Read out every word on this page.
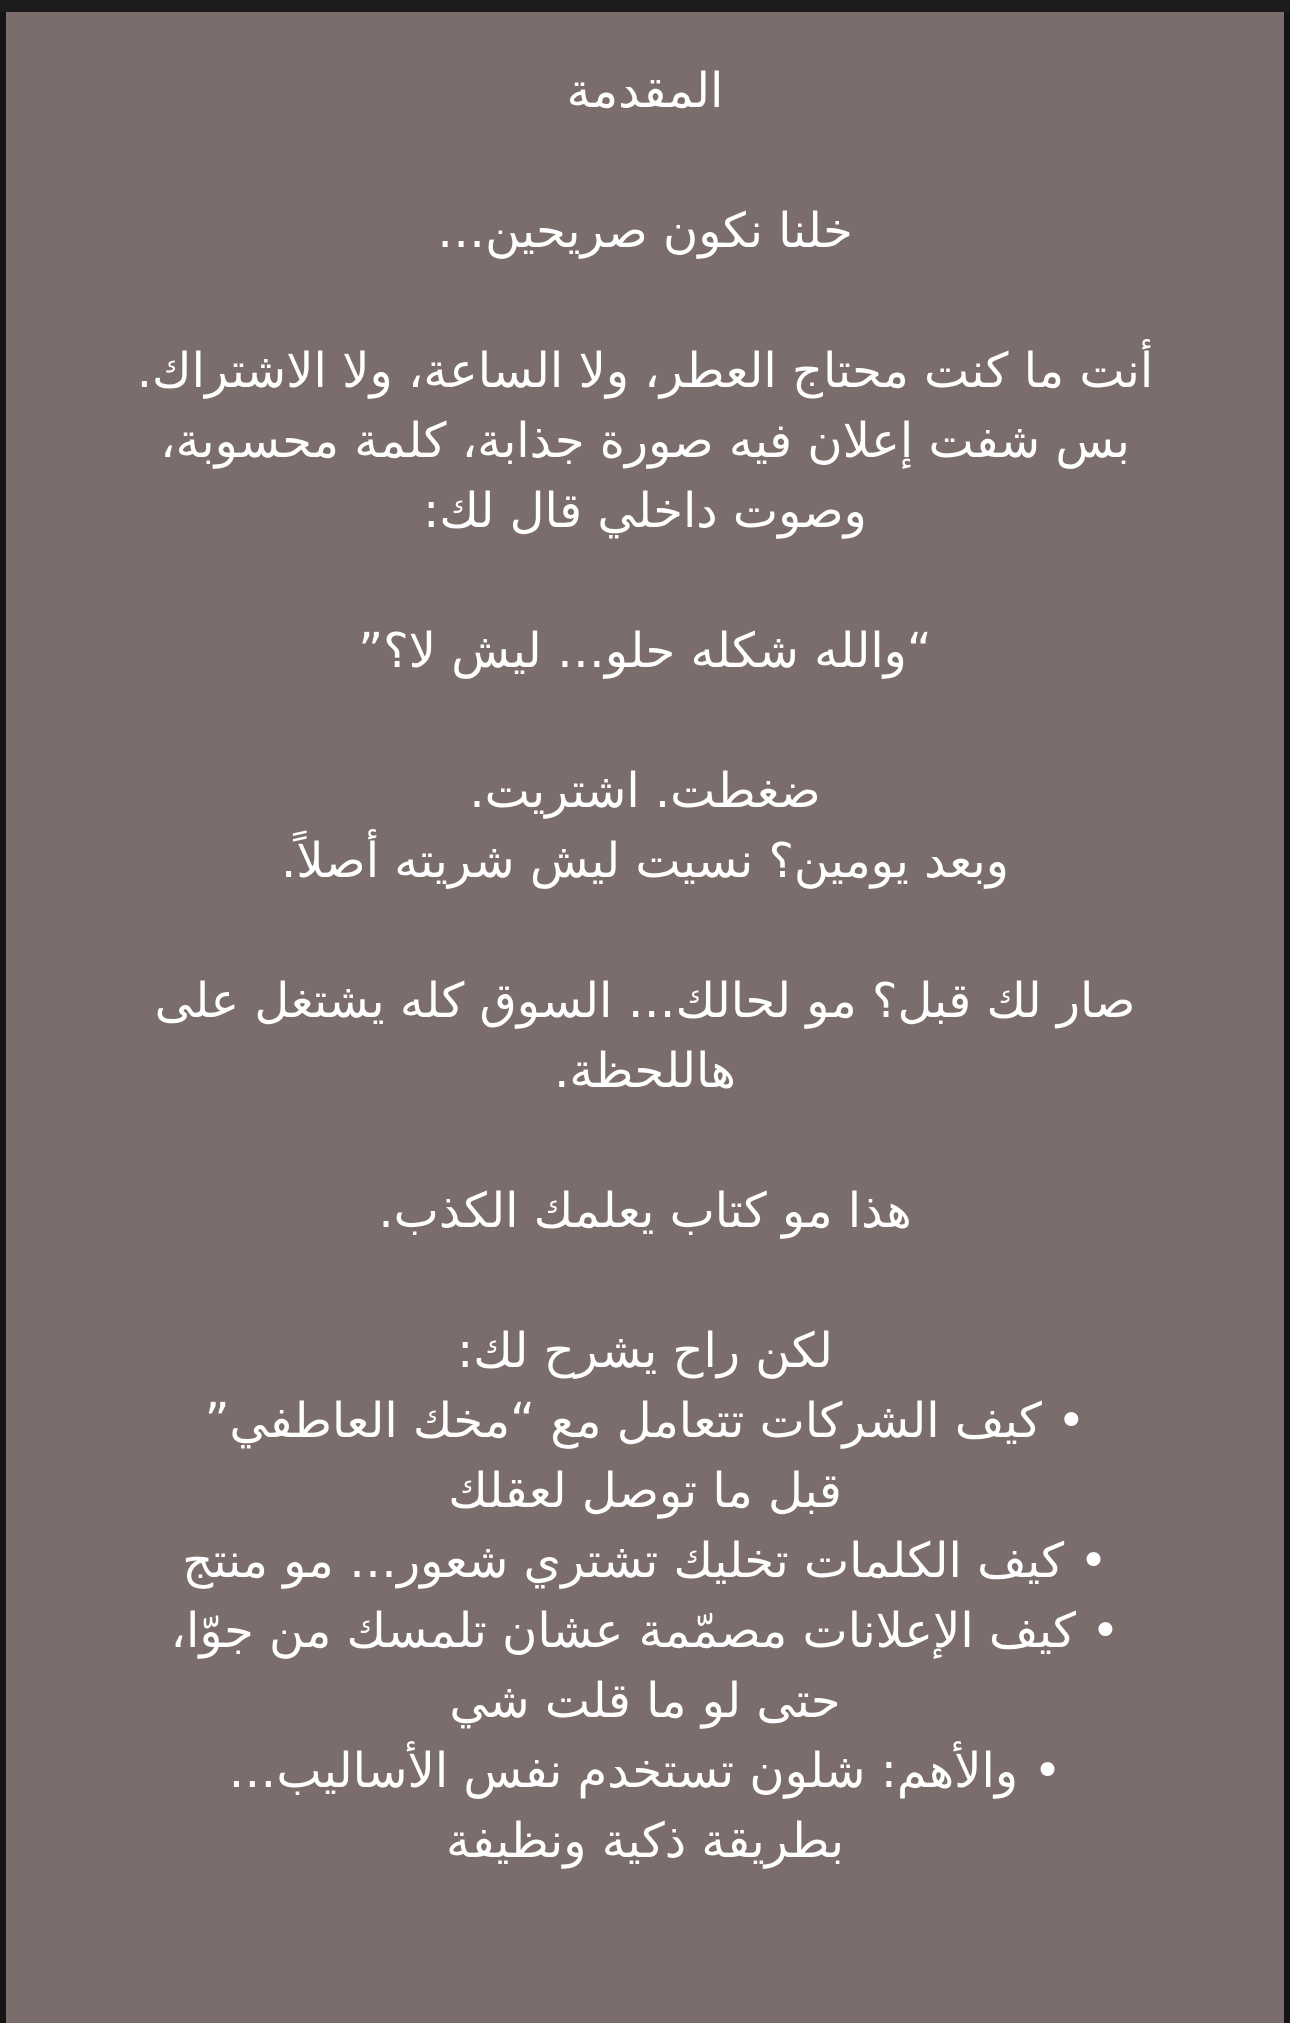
المقدمة
خلنا نكون صريحين…
أنت ما كنت محتاج العطر، ولا الساعة، ولا الاشتراك.
بس شفت إعلان فيه صورة جذابة، كلمة محسوبة،
وصوت داخلي قال لك:
“والله شكله حلو… ليش لا؟”
ضغطت. اشتريت.
وبعد يومين؟ نسيت ليش شريته أصلاً.
صار لك قبل؟ مو لحالك… السوق كله يشتغل على
هاللحظة.
هذا مو كتاب يعلمك الكذب.
لكن راح يشرح لك:
• كيف الشركات تتعامل مع “مخك العاطفي”
قبل ما توصل لعقلك
• كيف الكلمات تخليك تشتري شعور… مو منتج
• كيف الإعلانات مصمّمة عشان تلمسك من جوّا،
حتى لو ما قلت شي
• والأهم: شلون تستخدم نفس الأساليب…
بطريقة ذكية ونظيفة
